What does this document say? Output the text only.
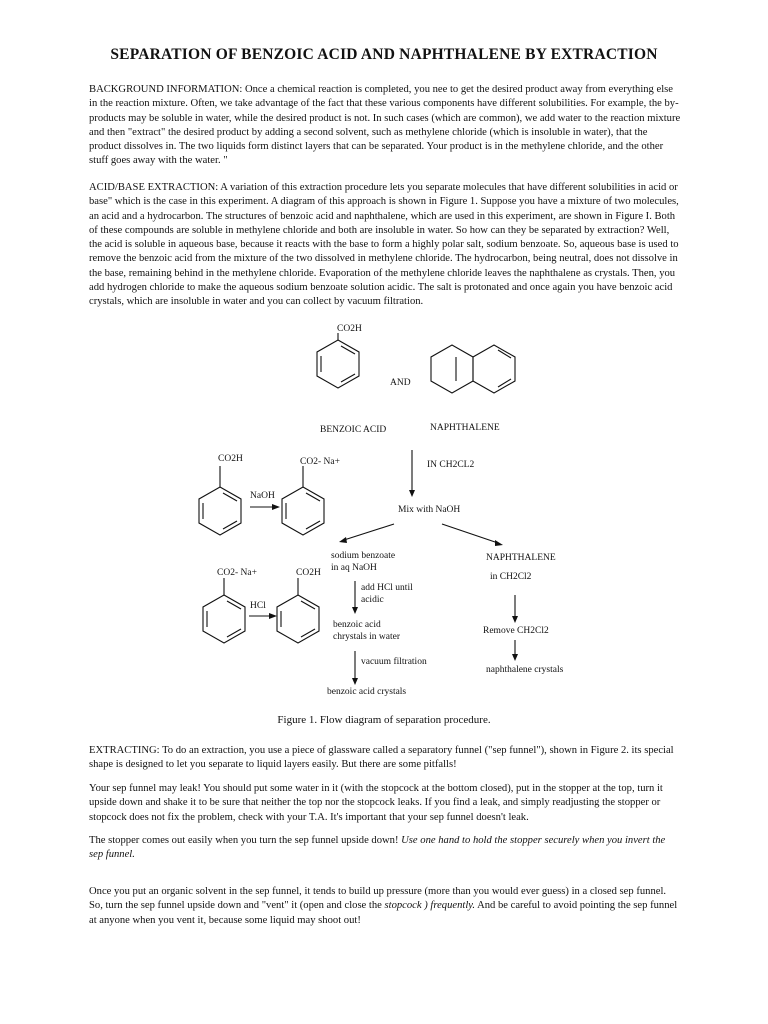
SEPARATION OF BENZOIC ACID AND NAPHTHALENE BY EXTRACTION

BACKGROUND INFORMATION: Once a chemical reaction is completed, you nee to get the desired product away from everything else in the reaction mixture. Often, we take advantage of the fact that these various components have different solubilities. For example, the by-products may be soluble in water, while the desired product is not. In such cases (which are common), we add water to the reaction mixture and then "extract" the desired product by adding a second solvent, such as methylene chloride (which is insoluble in water), that the product dissolves in. The two liquids form distinct layers that can be separated. Your product is in the methylene chloride, and the other stuff goes away with the water. "

ACID/BASE EXTRACTION: A variation of this extraction procedure lets you separate molecules that have different solubilities in acid or base" which is the case in this experiment. A diagram of this approach is shown in Figure 1. Suppose you have a mixture of two molecules, an acid and a hydrocarbon. The structures of benzoic acid and naphthalene, which are used in this experiment, are shown in Figure I. Both of these compounds are soluble in methylene chloride and both are insoluble in water. So how can they be separated by extraction? Well, the acid is soluble in aqueous base, because it reacts with the base to form a highly polar salt, sodium benzoate. So, aqueous base is used to remove the benzoic acid from the mixture of the two dissolved in methylene chloride. The hydrocarbon, being neutral, does not dissolve in the base, remaining behind in the methylene chloride. Evaporation of the methylene chloride leaves the naphthalene as crystals. Then, you add hydrogen chloride to make the aqueous sodium benzoate solution acidic. The salt is protonated and once again you have benzoic acid crystals, which are insoluble in water and you can collect by vacuum filtration.

CO2H
AND
BENZOIC ACID	NAPHTHALENE
CO2H	CO2- Na+
NaOH
IN CH2CL2
Mix with NaOH
sodium benzoate
in aq NaOH
NAPHTHALENE
in CH2Cl2
CO2- Na+	CO2H
HCl
add HCl until
acidic
benzoic acid
chrystals in water
Remove CH2Cl2
vacuum filtration
naphthalene crystals
benzoic acid crystals
Figure 1. Flow diagram of separation procedure.

EXTRACTING: To do an extraction, you use a piece of glassware called a separatory funnel ("sep funnel"), shown in Figure 2. its special shape is designed to let you separate to liquid layers easily. But there are some pitfalls!

Your sep funnel may leak! You should put some water in it (with the stopcock at the bottom closed), put in the stopper at the top, turn it upside down and shake it to be sure that neither the top nor the stopcock leaks. If you find a leak, and simply readjusting the stopper or stopcock does not fix the problem, check with your T.A. It's important that your sep funnel doesn't leak.

The stopper comes out easily when you turn the sep funnel upside down! Use one hand to hold the stopper securely when you invert the sep funnel.

Once you put an organic solvent in the sep funnel, it tends to build up pressure (more than you would ever guess) in a closed sep funnel. So, turn the sep funnel upside down and "vent" it (open and close the stopcock ) frequently. And be careful to avoid pointing the sep funnel at anyone when you vent it, because some liquid may shoot out!
